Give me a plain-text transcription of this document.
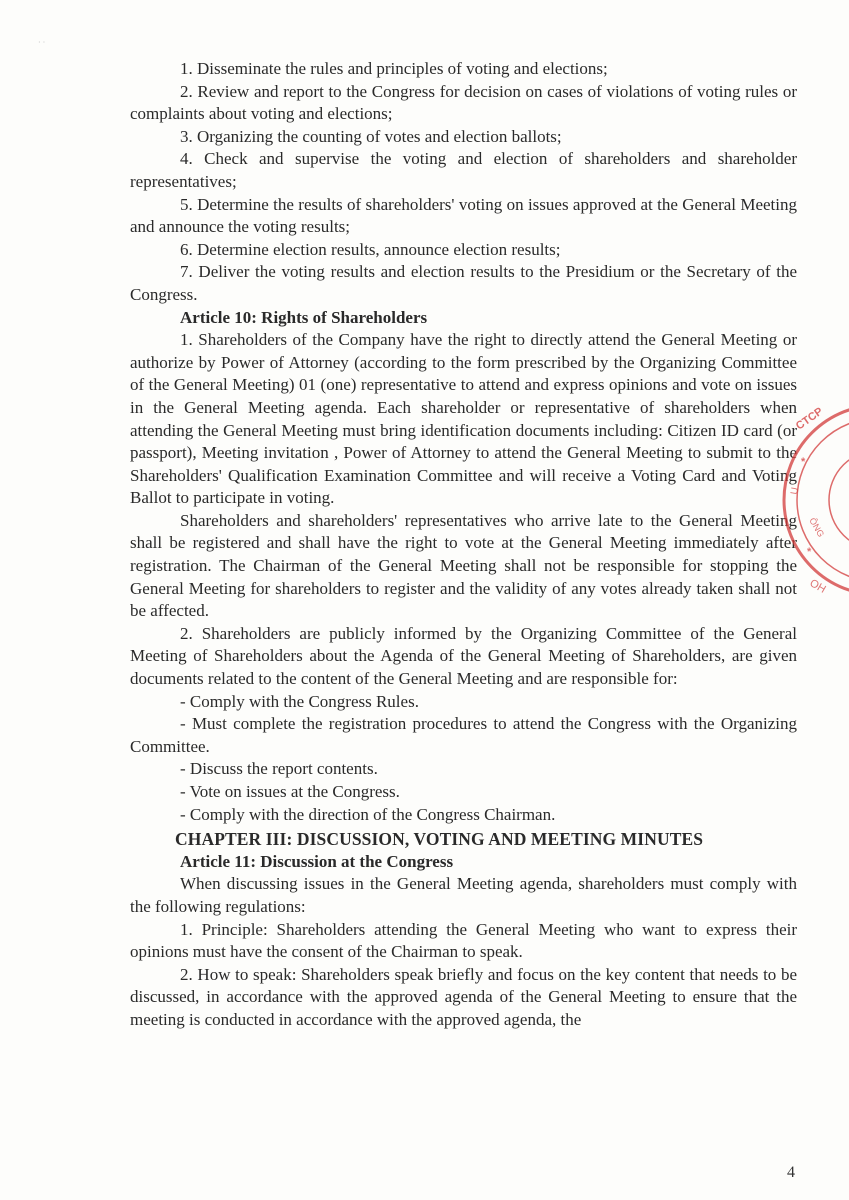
· ·

1. Disseminate the rules and principles of voting and elections;

2. Review and report to the Congress for decision on cases of violations of voting rules or complaints about voting and elections;

3. Organizing the counting of votes and election ballots;

4. Check and supervise the voting and election of shareholders and shareholder representatives;

5. Determine the results of shareholders' voting on issues approved at the General Meeting and announce the voting results;

6. Determine election results, announce election results;

7. Deliver the voting results and election results to the Presidium or the Secretary of the Congress.

Article 10: Rights of Shareholders

1. Shareholders of the Company have the right to directly attend the General Meeting or authorize by Power of Attorney (according to the form prescribed by the Organizing Committee of the General Meeting) 01 (one) representative to attend and express opinions and vote on issues in the General Meeting agenda. Each shareholder or representative of shareholders when attending the General Meeting must bring identification documents including: Citizen ID card (or passport), Meeting invitation , Power of Attorney to attend the General Meeting to submit to the Shareholders' Qualification Examination Committee and will receive a Voting Card and Voting Ballot to participate in voting.

Shareholders and shareholders' representatives who arrive late to the General Meeting shall be registered and shall have the right to vote at the General Meeting immediately after registration. The Chairman of the General Meeting shall not be responsible for stopping the General Meeting for shareholders to register and the validity of any votes already taken shall not be affected.

2. Shareholders are publicly informed by the Organizing Committee of the General Meeting of Shareholders about the Agenda of the General Meeting of Shareholders, are given documents related to the content of the General Meeting and are responsible for:

- Comply with the Congress Rules.

- Must complete the registration procedures to attend the Congress with the Organizing Committee.

- Discuss the report contents.

- Vote on issues at the Congress.

- Comply with the direction of the Congress Chairman.

CHAPTER III: DISCUSSION, VOTING AND MEETING MINUTES

Article 11: Discussion at the Congress

When discussing issues in the General Meeting agenda, shareholders must comply with the following regulations:

1. Principle: Shareholders attending the General Meeting who want to express their opinions must have the consent of the Chairman to speak.

2. How to speak: Shareholders speak briefly and focus on the key content that needs to be discussed, in accordance with the approved agenda of the General Meeting to ensure that the meeting is conducted in accordance with the approved agenda, the

CTCP
*
U
ÔNG
*
OH
4
